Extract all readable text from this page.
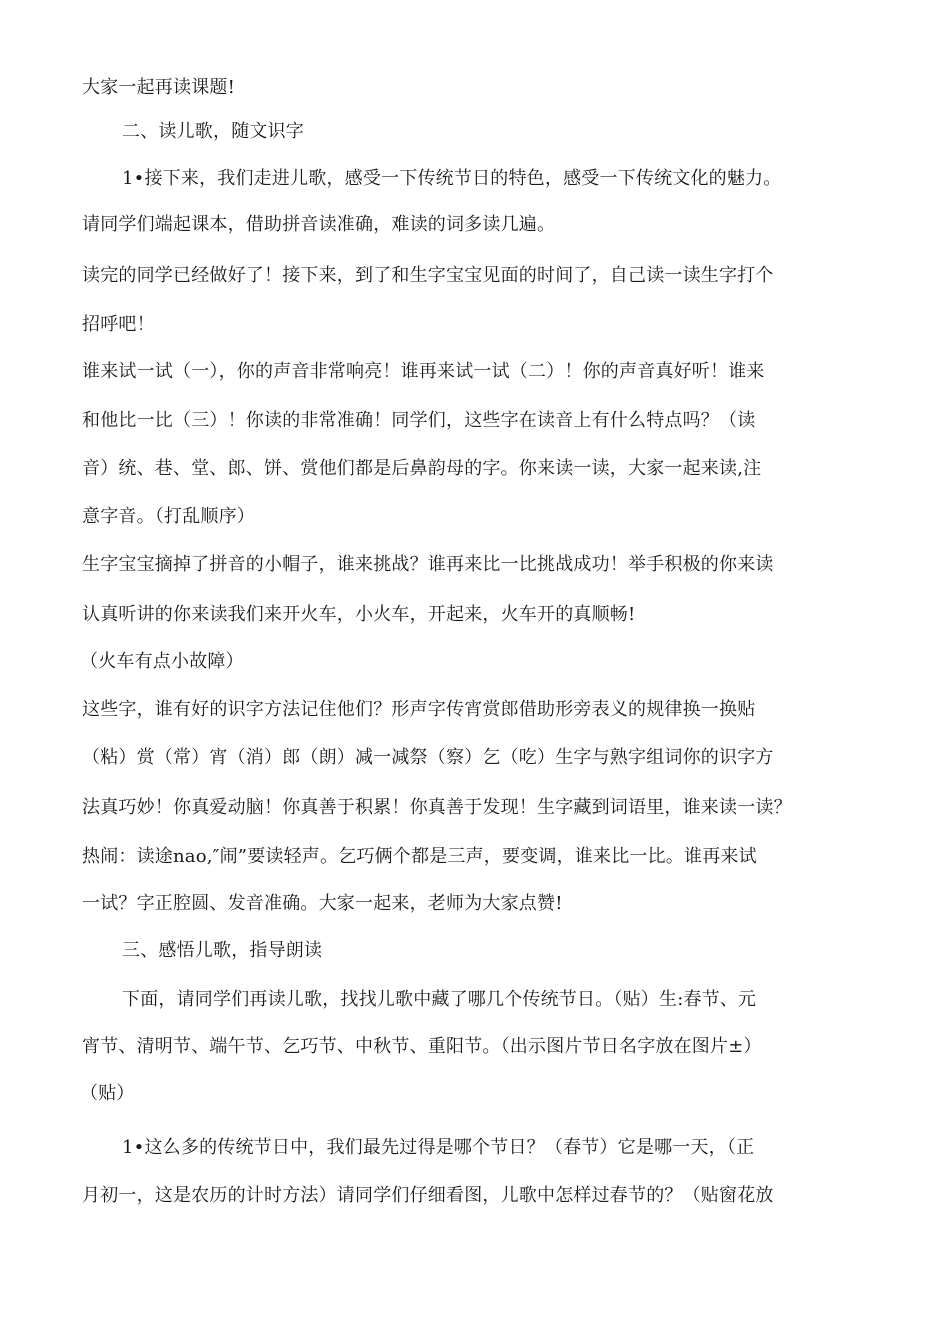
大家一起再读课题!

二、读儿歌，随文识字

1•接下来，我们走进儿歌，感受一下传统节日的特色，感受一下传统文化的魅力。

请同学们端起课本，借助拼音读准确，难读的词多读几遍。

读完的同学已经做好了！接下来，到了和生字宝宝见面的时间了，自己读一读生字打个

招呼吧！

谁来试一试（一），你的声音非常响亮！谁再来试一试（二）！你的声音真好听！谁来

和他比一比（三）！你读的非常准确！同学们，这些字在读音上有什么特点吗？（读

音）统、巷、堂、郎、饼、赏他们都是后鼻韵母的字。你来读一读，大家一起来读,注

意字音。（打乱顺序）

生字宝宝摘掉了拼音的小帽子，谁来挑战？谁再来比一比挑战成功！举手积极的你来读

认真听讲的你来读我们来开火车，小火车，开起来，火车开的真顺畅!

（火车有点小故障）

这些字，谁有好的识字方法记住他们？形声字传宵赏郎借助形旁表义的规律换一换贴

（粘）赏（常）宵（消）郎（朗）减一减祭（察）乞（吃）生字与熟字组词你的识字方

法真巧妙！你真爱动脑！你真善于积累！你真善于发现！生字藏到词语里，谁来读一读？

热闹：读途nao,″闹”要读轻声。乞巧俩个都是三声，要变调，谁来比一比。谁再来试

一试？字正腔圆、发音准确。大家一起来，老师为大家点赞!

三、感悟儿歌，指导朗读

下面，请同学们再读儿歌，找找儿歌中藏了哪几个传统节日。（贴）生:春节、元

宵节、清明节、端午节、乞巧节、中秋节、重阳节。（出示图片节日名字放在图片±）

（贴）

1•这么多的传统节日中，我们最先过得是哪个节日？（春节）它是哪一天，（正

月初一，这是农历的计时方法）请同学们仔细看图，儿歌中怎样过春节的？（贴窗花放
